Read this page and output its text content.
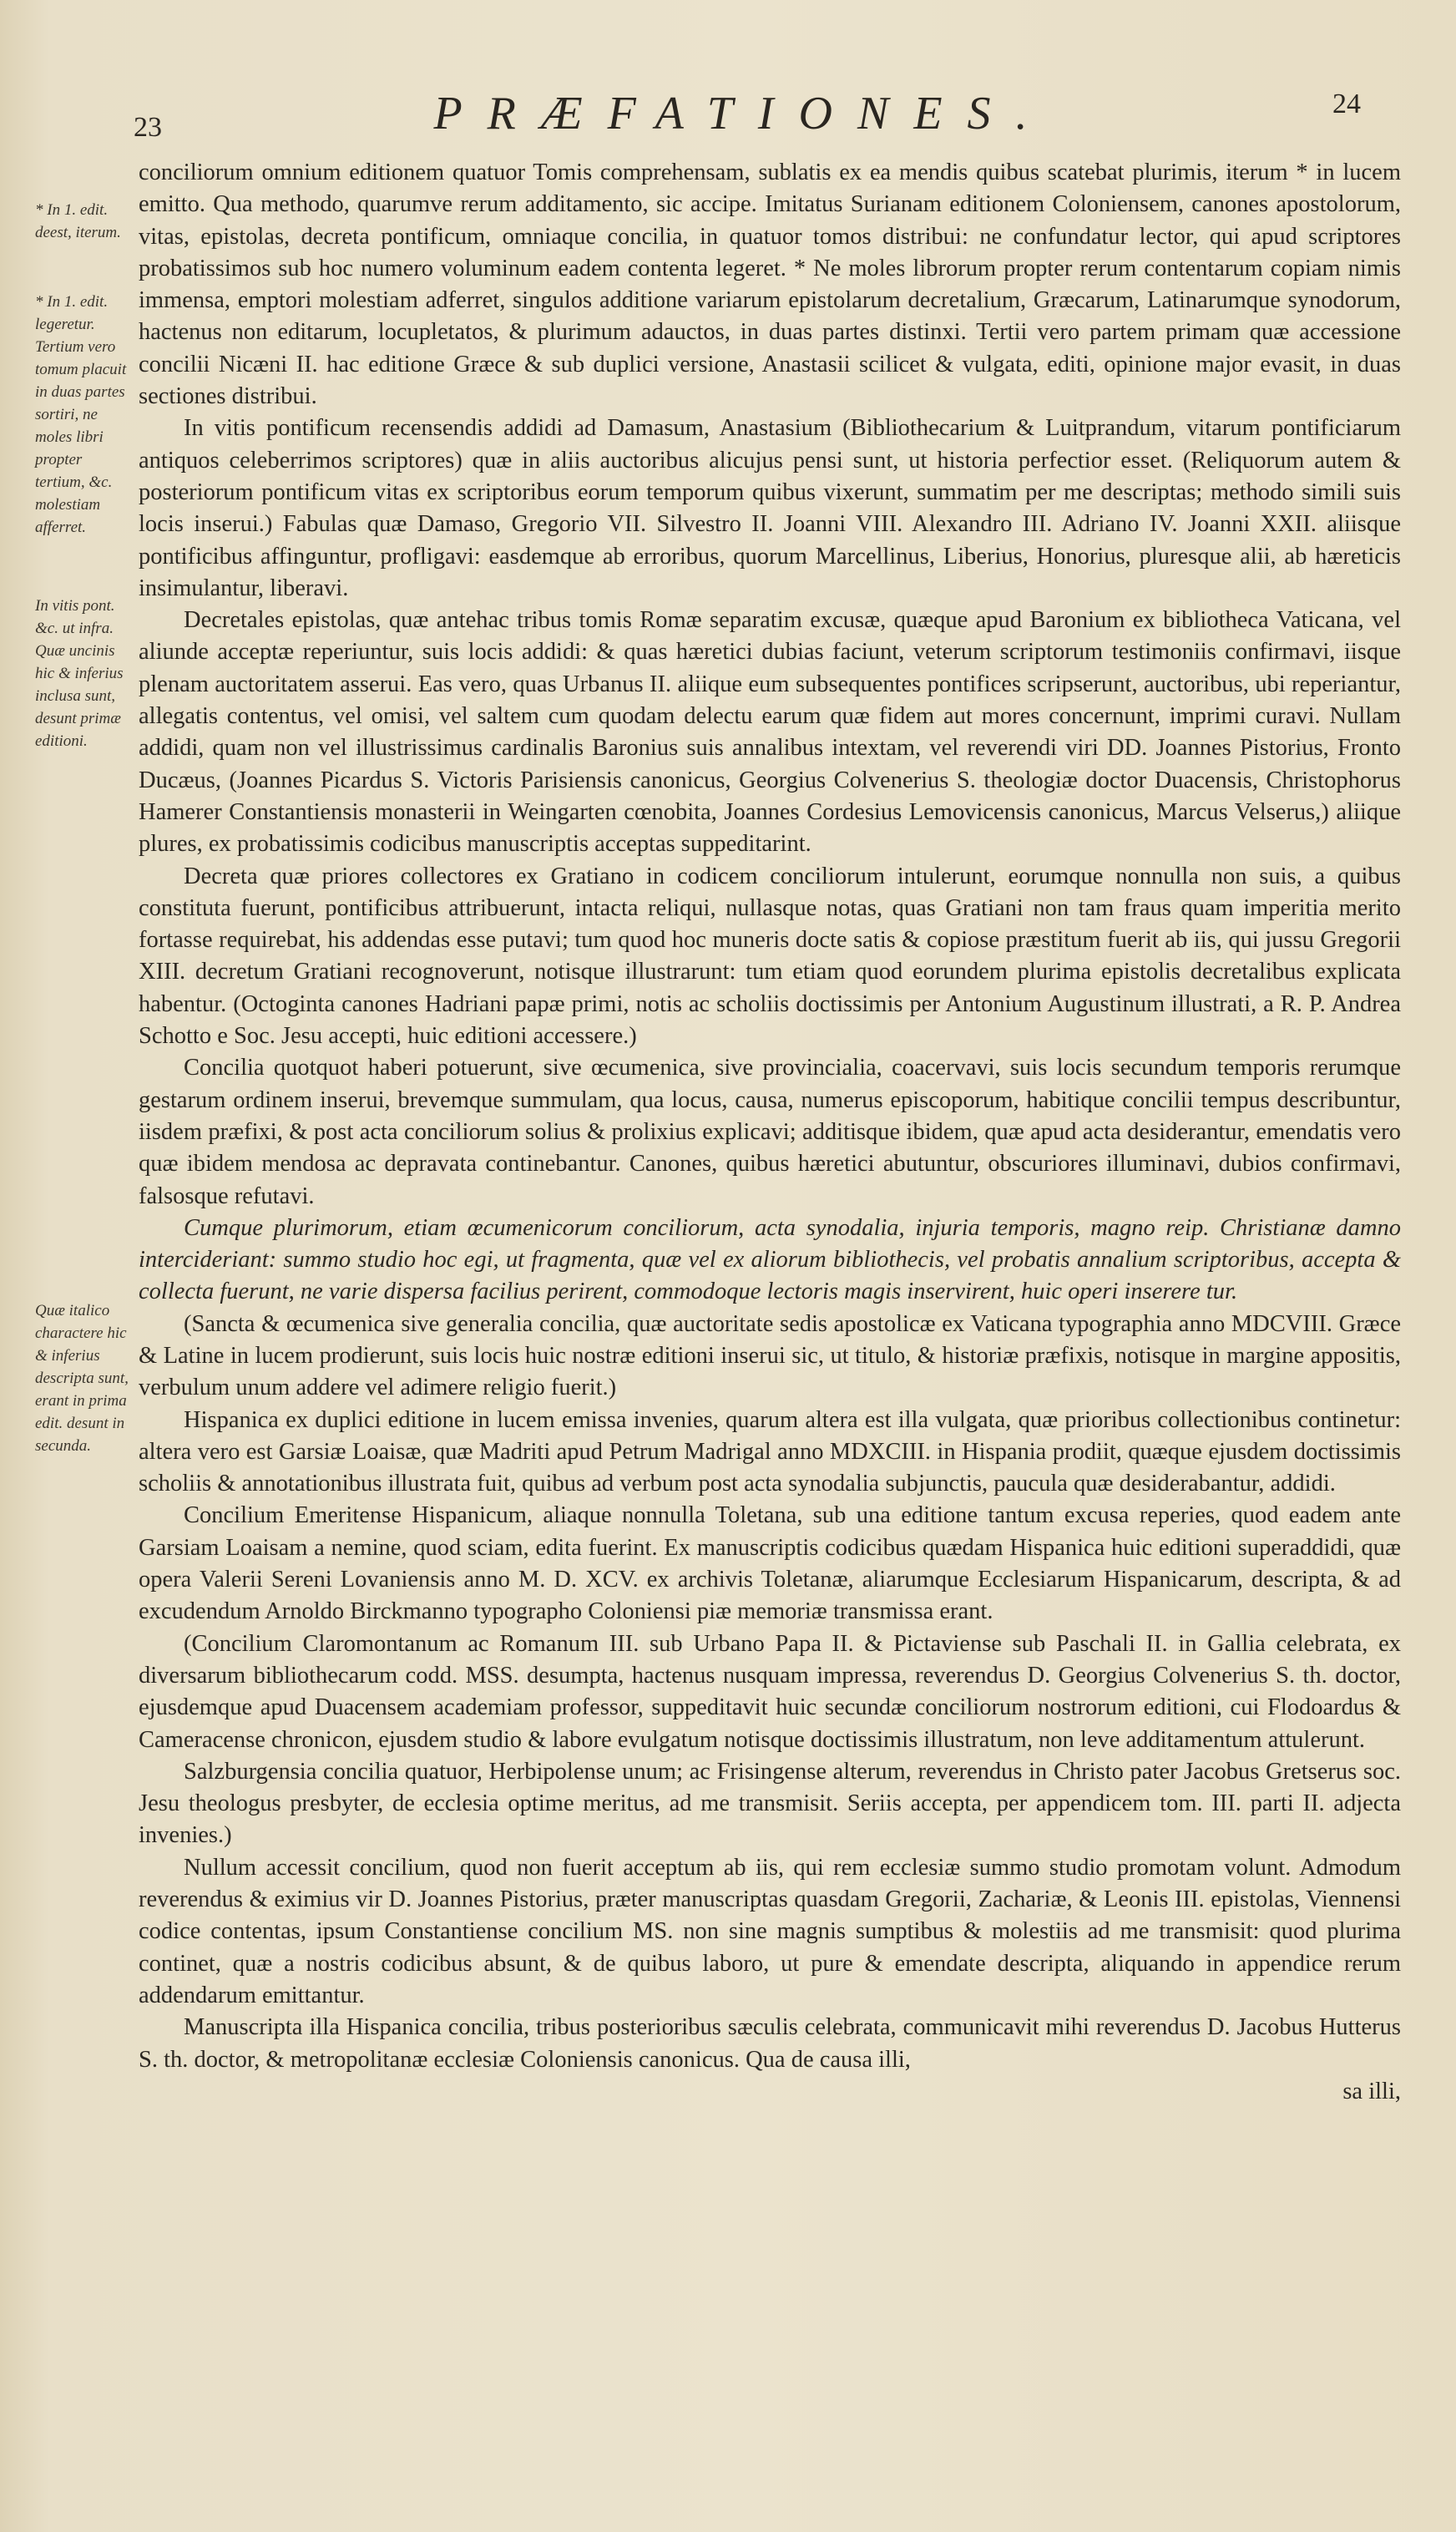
23	PRÆFATIONES.	24
* In 1. edit. deest, iterum.
* In 1. edit. legeretur. Tertium vero tomum placuit in duas partes sortiri, ne moles libri propter tertium, &c. molestiam afferret.
In vitis pont. &c. ut infra. Quæ uncinis hic & inferius inclusa sunt, desunt primæ editioni.
Quæ italico charactere hic & inferius descripta sunt, erant in prima edit. desunt in secunda.

conciliorum omnium editionem quatuor Tomis comprehensam, sublatis ex ea mendis quibus scatebat plurimis, iterum * in lucem emitto. Qua methodo, quarumve rerum additamento, sic accipe. Imitatus Surianam editionem Coloniensem, canones apostolorum, vitas, epistolas, decreta pontificum, omniaque concilia, in quatuor tomos distribui: ne confundatur lector, qui apud scriptores probatissimos sub hoc numero voluminum eadem contenta legeret. * Ne moles librorum propter rerum contentarum copiam nimis immensa, emptori molestiam adferret, singulos additione variarum epistolarum decretalium, Græcarum, Latinarumque synodorum, hactenus non editarum, locupletatos, & plurimum adauctos, in duas partes distinxi. Tertii vero partem primam quæ accessione concilii Nicæni II. hac editione Græce & sub duplici versione, Anastasii scilicet & vulgata, editi, opinione major evasit, in duas sectiones distribui.

In vitis pontificum recensendis addidi ad Damasum, Anastasium (Bibliothecarium & Luitprandum, vitarum pontificiarum antiquos celeberrimos scriptores) quæ in aliis auctoribus alicujus pensi sunt, ut historia perfectior esset. (Reliquorum autem & posteriorum pontificum vitas ex scriptoribus eorum temporum quibus vixerunt, summatim per me descriptas; methodo simili suis locis inserui.) Fabulas quæ Damaso, Gregorio VII. Silvestro II. Joanni VIII. Alexandro III. Adriano IV. Joanni XXII. aliisque pontificibus affinguntur, profligavi: easdemque ab erroribus, quorum Marcellinus, Liberius, Honorius, pluresque alii, ab hæreticis insimulantur, liberavi.

Decretales epistolas, quæ antehac tribus tomis Romæ separatim excusæ, quæque apud Baronium ex bibliotheca Vaticana, vel aliunde acceptæ reperiuntur, suis locis addidi: & quas hæretici dubias faciunt, veterum scriptorum testimoniis confirmavi, iisque plenam auctoritatem asserui. Eas vero, quas Urbanus II. aliique eum subsequentes pontifices scripserunt, auctoribus, ubi reperiantur, allegatis contentus, vel omisi, vel saltem cum quodam delectu earum quæ fidem aut mores concernunt, imprimi curavi. Nullam addidi, quam non vel illustrissimus cardinalis Baronius suis annalibus intextam, vel reverendi viri DD. Joannes Pistorius, Fronto Ducæus, (Joannes Picardus S. Victoris Parisiensis canonicus, Georgius Colvenerius S. theologiæ doctor Duacensis, Christophorus Hamerer Constantiensis monasterii in Weingarten cœnobita, Joannes Cordesius Lemovicensis canonicus, Marcus Velserus,) aliique plures, ex probatissimis codicibus manuscriptis acceptas suppeditarint.

Decreta quæ priores collectores ex Gratiano in codicem conciliorum intulerunt, eorumque nonnulla non suis, a quibus constituta fuerunt, pontificibus attribuerunt, intacta reliqui, nullasque notas, quas Gratiani non tam fraus quam imperitia merito fortasse requirebat, his addendas esse putavi; tum quod hoc muneris docte satis & copiose præstitum fuerit ab iis, qui jussu Gregorii XIII. decretum Gratiani recognoverunt, notisque illustrarunt: tum etiam quod eorundem plurima epistolis decretalibus explicata habentur. (Octoginta canones Hadriani papæ primi, notis ac scholiis doctissimis per Antonium Augustinum illustrati, a R. P. Andrea Schotto e Soc. Jesu accepti, huic editioni accessere.)

Concilia quotquot haberi potuerunt, sive œcumenica, sive provincialia, coacervavi, suis locis secundum temporis rerumque gestarum ordinem inserui, brevemque summulam, qua locus, causa, numerus episcoporum, habitique concilii tempus describuntur, iisdem præfixi, & post acta conciliorum solius & prolixius explicavi; additisque ibidem, quæ apud acta desiderantur, emendatis vero quæ ibidem mendosa ac depravata continebantur. Canones, quibus hæretici abutuntur, obscuriores illuminavi, dubios confirmavi, falsosque refutavi.

Cumque plurimorum, etiam œcumenicorum conciliorum, acta synodalia, injuria temporis, magno reip. Christianæ damno intercideriant: summo studio hoc egi, ut fragmenta, quæ vel ex aliorum bibliothecis, vel probatis annalium scriptoribus, accepta & collecta fuerunt, ne varie dispersa facilius perirent, commodoque lectoris magis inservirent, huic operi inserere tur.

(Sancta & œcumenica sive generalia concilia, quæ auctoritate sedis apostolicæ ex Vaticana typographia anno MDCVIII. Græce & Latine in lucem prodierunt, suis locis huic nostræ editioni inserui sic, ut titulo, & historiæ præfixis, notisque in margine appositis, verbulum unum addere vel adimere religio fuerit.)

Hispanica ex duplici editione in lucem emissa invenies, quarum altera est illa vulgata, quæ prioribus collectionibus continetur: altera vero est Garsiæ Loaisæ, quæ Madriti apud Petrum Madrigal anno MDXCIII. in Hispania prodiit, quæque ejusdem doctissimis scholiis & annotationibus illustrata fuit, quibus ad verbum post acta synodalia subjunctis, paucula quæ desiderabantur, addidi.

Concilium Emeritense Hispanicum, aliaque nonnulla Toletana, sub una editione tantum excusa reperies, quod eadem ante Garsiam Loaisam a nemine, quod sciam, edita fuerint. Ex manuscriptis codicibus quædam Hispanica huic editioni superaddidi, quæ opera Valerii Sereni Lovaniensis anno M. D. XCV. ex archivis Toletanæ, aliarumque Ecclesiarum Hispanicarum, descripta, & ad excudendum Arnoldo Birckmanno typographo Coloniensi piæ memoriæ transmissa erant.

(Concilium Claromontanum ac Romanum III. sub Urbano Papa II. & Pictaviense sub Paschali II. in Gallia celebrata, ex diversarum bibliothecarum codd. MSS. desumpta, hactenus nusquam impressa, reverendus D. Georgius Colvenerius S. th. doctor, ejusdemque apud Duacensem academiam professor, suppeditavit huic secundæ conciliorum nostrorum editioni, cui Flodoardus & Cameracense chronicon, ejusdem studio & labore evulgatum notisque doctissimis illustratum, non leve additamentum attulerunt.

Salzburgensia concilia quatuor, Herbipolense unum; ac Frisingense alterum, reverendus in Christo pater Jacobus Gretserus soc. Jesu theologus presbyter, de ecclesia optime meritus, ad me transmisit. Seriis accepta, per appendicem tom. III. parti II. adjecta invenies.)

Nullum accessit concilium, quod non fuerit acceptum ab iis, qui rem ecclesiæ summo studio promotam volunt. Admodum reverendus & eximius vir D. Joannes Pistorius, præter manuscriptas quasdam Gregorii, Zachariæ, & Leonis III. epistolas, Viennensi codice contentas, ipsum Constantiense concilium MS. non sine magnis sumptibus & molestiis ad me transmisit: quod plurima continet, quæ a nostris codicibus absunt, & de quibus laboro, ut pure & emendate descripta, aliquando in appendice rerum addendarum emittantur.

Manuscripta illa Hispanica concilia, tribus posterioribus sæculis celebrata, communicavit mihi reverendus D. Jacobus Hutterus S. th. doctor, & metropolitanæ ecclesiæ Coloniensis canonicus. Qua de causa illi,

sa illi,
